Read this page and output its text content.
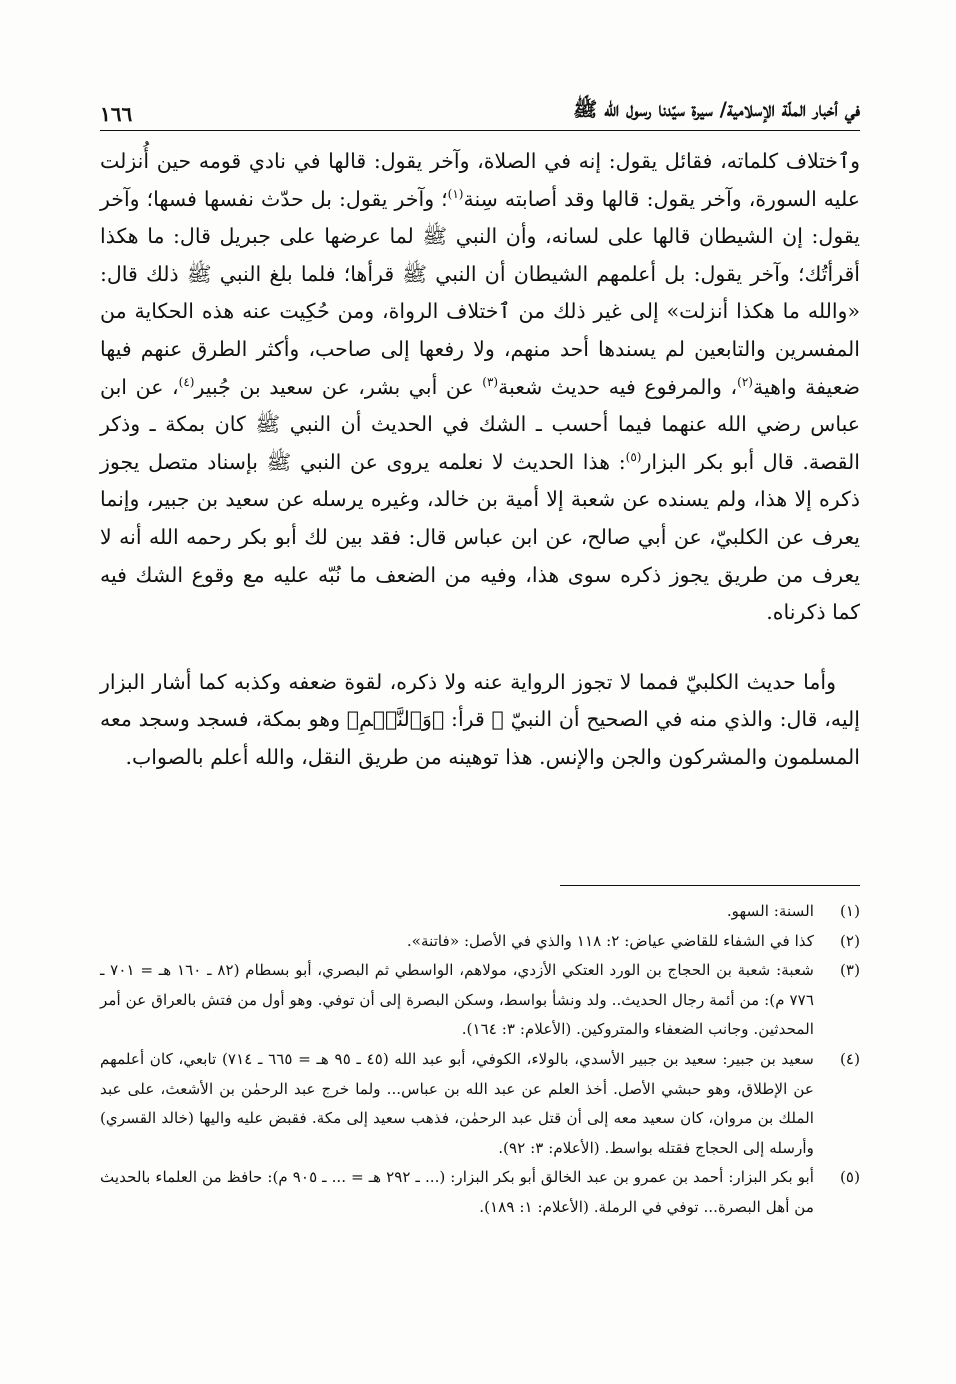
في أخبار الملّة الإسلامية/ سيرة سيّدنا رسول الله ﷺ
١٦٦

وٱختلاف كلماته، فقائل يقول: إنه في الصلاة، وآخر يقول: قالها في نادي قومه حين أُنزلت عليه السورة، وآخر يقول: قالها وقد أصابته سِنة$^{(١)}$؛ وآخر يقول: بل حدّث نفسها فسها؛ وآخر يقول: إن الشيطان قالها على لسانه، وأن النبي ﷺ لما عرضها على جبريل قال: ما هكذا أقرأتُك؛ وآخر يقول: بل أعلمهم الشيطان أن النبي ﷺ قرأها؛ فلما بلغ النبي ﷺ ذلك قال: «والله ما هكذا أنزلت» إلى غير ذلك من ٱختلاف الرواة، ومن حُكِيت عنه هذه الحكاية من المفسرين والتابعين لم يسندها أحد منهم، ولا رفعها إلى صاحب، وأكثر الطرق عنهم فيها ضعيفة واهية$^{(٢)}$، والمرفوع فيه حديث شعبة$^{(٣)}$ عن أبي بشر، عن سعيد بن جُبير$^{(٤)}$، عن ابن عباس رضي الله عنهما فيما أحسب ـ الشك في الحديث أن النبي ﷺ كان بمكة ـ وذكر القصة. قال أبو بكر البزار$^{(٥)}$: هذا الحديث لا نعلمه يروى عن النبي ﷺ بإسناد متصل يجوز ذكره إلا هذا، ولم يسنده عن شعبة إلا أمية بن خالد، وغيره يرسله عن سعيد بن جبير، وإنما يعرف عن الكلبيّ، عن أبي صالح، عن ابن عباس قال: فقد بين لك أبو بكر رحمه الله أنه لا يعرف من طريق يجوز ذكره سوى هذا، وفيه من الضعف ما نُبّه عليه مع وقوع الشك فيه كما ذكرناه.

وأما حديث الكلبيّ فمما لا تجوز الرواية عنه ولا ذكره، لقوة ضعفه وكذبه كما أشار البزار إليه، قال: والذي منه في الصحيح أن النبيّ ﷺ قرأ: ﴿وَٱلنَّجۡمِ﴾ وهو بمكة، فسجد وسجد معه المسلمون والمشركون والجن والإنس. هذا توهينه من طريق النقل، والله أعلم بالصواب.

(١)
السنة: السهو.
(٢)
كذا في الشفاء للقاضي عياض: ٢: ١١٨ والذي في الأصل: «فاتنة».
(٣)
شعبة: شعبة بن الحجاج بن الورد العتكي الأزدي، مولاهم، الواسطي ثم البصري، أبو بسطام (٨٢ ـ ١٦٠ هـ = ٧٠١ ـ ٧٧٦ م): من أئمة رجال الحديث.. ولد ونشأ بواسط، وسكن البصرة إلى أن توفي. وهو أول من فتش بالعراق عن أمر المحدثين. وجانب الضعفاء والمتروكين. (الأعلام: ٣: ١٦٤).
(٤)
سعيد بن جبير: سعيد بن جبير الأسدي، بالولاء، الكوفي، أبو عبد الله (٤٥ ـ ٩٥ هـ = ٦٦٥ ـ ٧١٤) تابعي، كان أعلمهم عن الإطلاق، وهو حبشي الأصل. أخذ العلم عن عبد الله بن عباس... ولما خرج عبد الرحمٰن بن الأشعث، على عبد الملك بن مروان، كان سعيد معه إلى أن قتل عبد الرحمٰن، فذهب سعيد إلى مكة. فقبض عليه واليها (خالد القسري) وأرسله إلى الحجاج فقتله بواسط. (الأعلام: ٣: ٩٢).
(٥)
أبو بكر البزار: أحمد بن عمرو بن عبد الخالق أبو بكر البزار: (... ـ ٢٩٢ هـ = ... ـ ٩٠٥ م): حافظ من العلماء بالحديث من أهل البصرة... توفي في الرملة. (الأعلام: ١: ١٨٩).
